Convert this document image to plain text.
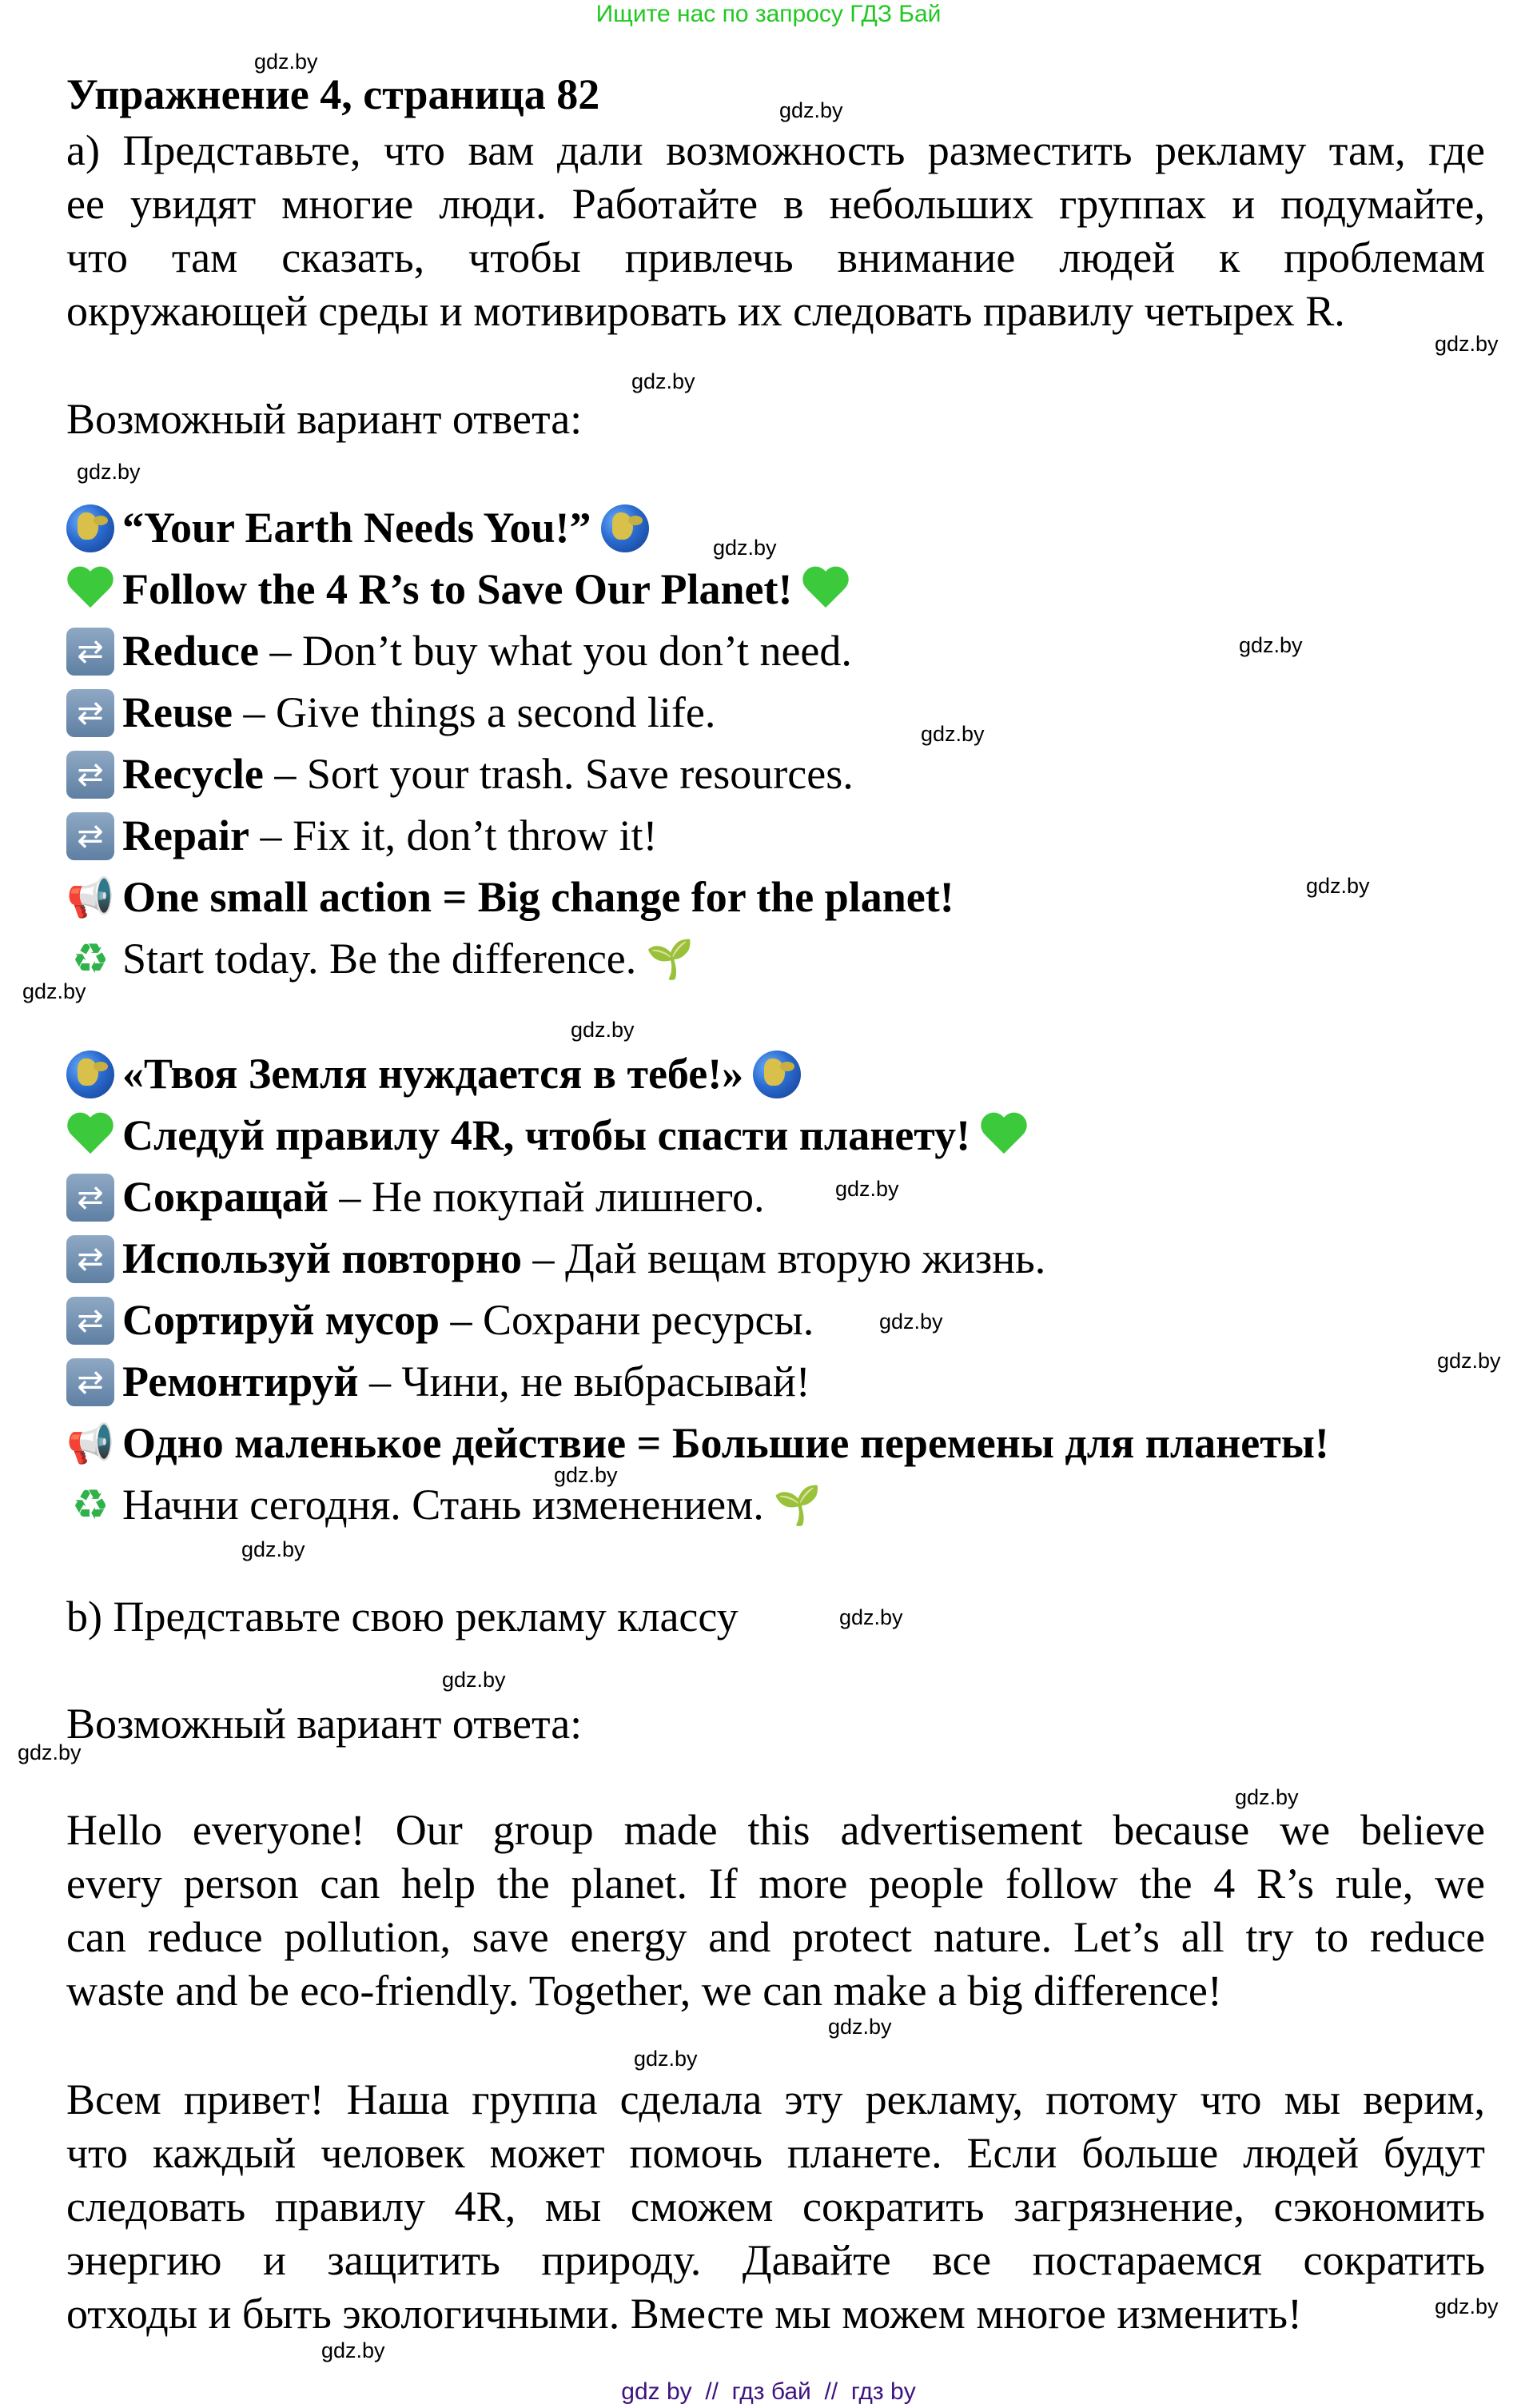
Ищите нас по запросу ГДЗ Бай
gdz.by
gdz.by
gdz.by
gdz.by
gdz.by
gdz.by
gdz.by
gdz.by
gdz.by
gdz.by
gdz.by
gdz.by
gdz.by
gdz.by
gdz.by
gdz.by
gdz.by
gdz.by
gdz.by
gdz.by
gdz.by
gdz.by
gdz.by
gdz.by
Упражнение 4, страница 82
а) Представьте, что вам дали возможность разместить рекламу там, где
ее увидят многие люди. Работайте в небольших группах и подумайте,
что там сказать, чтобы привлечь внимание людей к проблемам
окружающей среды и мотивировать их следовать правилу четырех R.
Возможный вариант ответа:
“Your Earth Needs You!”
Follow the 4 R’s to Save Our Planet!
⇄ Reduce – Don’t buy what you don’t need.
⇄ Reuse – Give things a second life.
⇄ Recycle – Sort your trash. Save resources.
⇄ Repair – Fix it, don’t throw it!
📢 One small action = Big change for the planet!
♻ Start today. Be the difference. 🌱
«Твоя Земля нуждается в тебе!»
Следуй правилу 4R, чтобы спасти планету!
⇄ Сокращай – Не покупай лишнего.
⇄ Используй повторно – Дай вещам вторую жизнь.
⇄ Сортируй мусор – Сохрани ресурсы.
⇄ Ремонтируй – Чини, не выбрасывай!
📢 Одно маленькое действие = Большие перемены для планеты!
♻ Начни сегодня. Стань изменением. 🌱
b) Представьте свою рекламу классу
Возможный вариант ответа:
Hello everyone! Our group made this advertisement because we believe
every person can help the planet. If more people follow the 4 R’s rule, we
can reduce pollution, save energy and protect nature. Let’s all try to reduce
waste and be eco-friendly. Together, we can make a big difference!
Всем привет! Наша группа сделала эту рекламу, потому что мы верим,
что каждый человек может помочь планете. Если больше людей будут
следовать правилу 4R, мы сможем сократить загрязнение, сэкономить
энергию и защитить природу. Давайте все постараемся сократить
отходы и быть экологичными. Вместе мы можем многое изменить!
gdz by  //  гдз бай  //  гдз by
